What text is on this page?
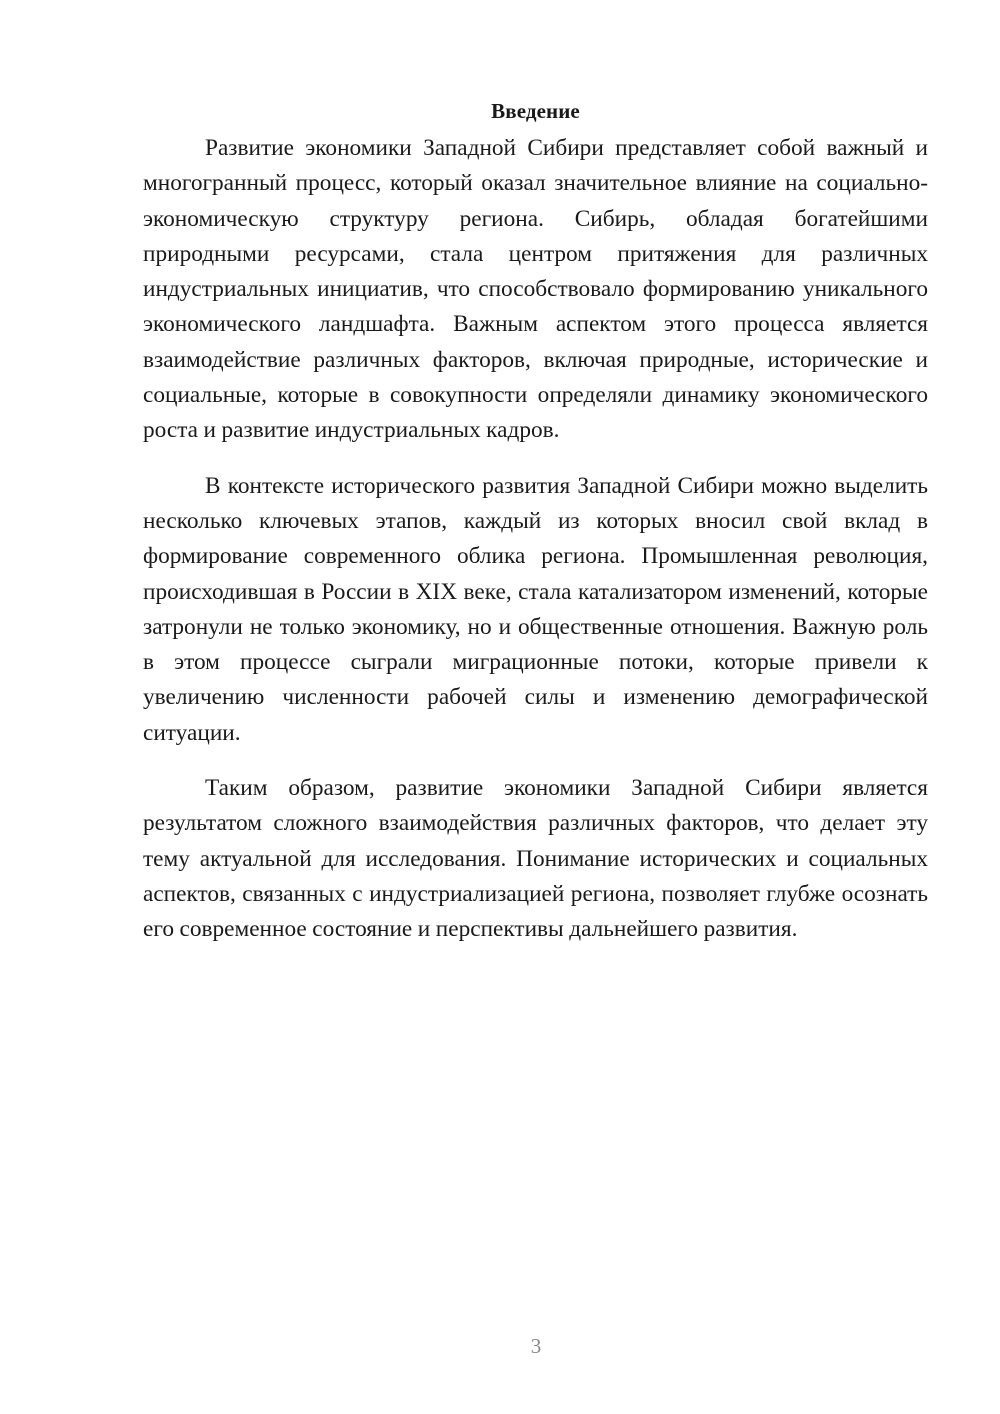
Введение

Развитие экономики Западной Сибири представляет собой важный и многогранный процесс, который оказал значительное влияние на социально-экономическую структуру региона. Сибирь, обладая богатейшими природными ресурсами, стала центром притяжения для различных индустриальных инициатив, что способствовало формированию уникального экономического ландшафта. Важным аспектом этого процесса является взаимодействие различных факторов, включая природные, исторические и социальные, которые в совокупности определяли динамику экономического роста и развитие индустриальных кадров.

В контексте исторического развития Западной Сибири можно выделить несколько ключевых этапов, каждый из которых вносил свой вклад в формирование современного облика региона. Промышленная революция, происходившая в России в XIX веке, стала катализатором изменений, которые затронули не только экономику, но и общественные отношения. Важную роль в этом процессе сыграли миграционные потоки, которые привели к увеличению численности рабочей силы и изменению демографической ситуации.

Таким образом, развитие экономики Западной Сибири является результатом сложного взаимодействия различных факторов, что делает эту тему актуальной для исследования. Понимание исторических и социальных аспектов, связанных с индустриализацией региона, позволяет глубже осознать его современное состояние и перспективы дальнейшего развития.

3
